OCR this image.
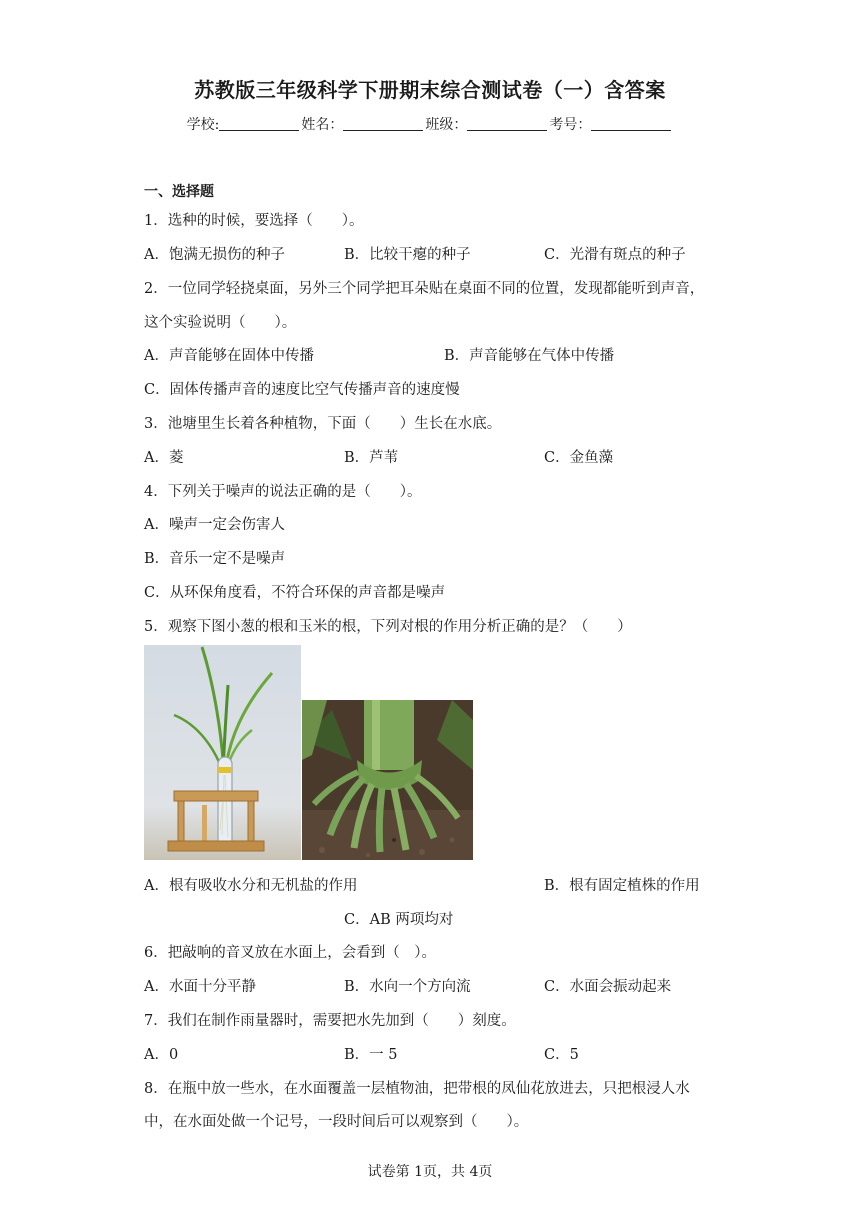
苏教版三年级科学下册期末综合测试卷（一）含答案
学校:	姓名：	班级：	考号：
一、选择题
1．选种的时候，要选择（　　）。
A．饱满无损伤的种子	B．比较干瘪的种子	C．光滑有斑点的种子
2．一位同学轻挠桌面，另外三个同学把耳朵贴在桌面不同的位置，发现都能听到声音，
这个实验说明（　　）。
A．声音能够在固体中传播	B．声音能够在气体中传播
C．固体传播声音的速度比空气传播声音的速度慢
3．池塘里生长着各种植物，下面（　　）生长在水底。
A．菱	B．芦苇	C．金鱼藻
4．下列关于噪声的说法正确的是（　　）。
A．噪声一定会伤害人
B．音乐一定不是噪声
C．从环保角度看，不符合环保的声音都是噪声
5．观察下图小葱的根和玉米的根，下列对根的作用分析正确的是？（　　）
A．根有吸收水分和无机盐的作用	B．根有固定植株的作用
C．AB 两项均对
6．把敲响的音叉放在水面上，会看到（　）。
A．水面十分平静	B．水向一个方向流	C．水面会振动起来
7．我们在制作雨量器时，需要把水先加到（　　）刻度。
A．0	B．一 5	C．5
8．在瓶中放一些水，在水面覆盖一层植物油，把带根的凤仙花放进去，只把根浸人水
中，在水面处做一个记号，一段时间后可以观察到（　　）。
试卷第 1页，共 4页
